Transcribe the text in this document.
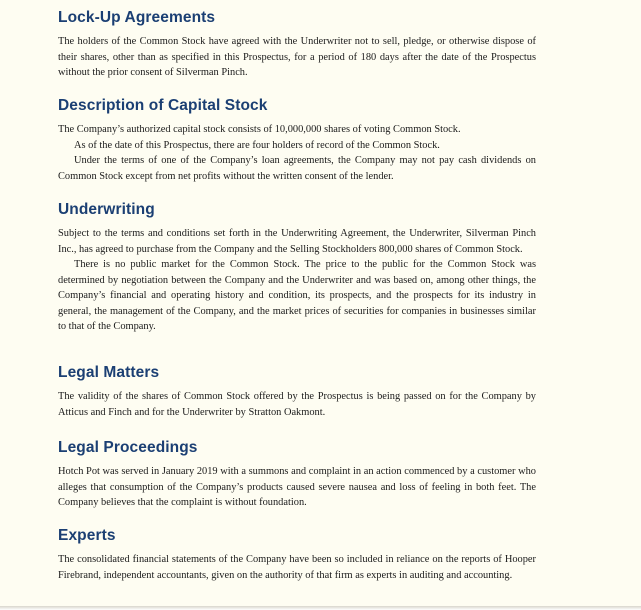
Lock-Up Agreements

The holders of the Common Stock have agreed with the Underwriter not to sell, pledge, or otherwise dispose of their shares, other than as specified in this Prospectus, for a period of 180 days after the date of the Prospectus without the prior consent of Silverman Pinch.

Description of Capital Stock

The Company’s authorized capital stock consists of 10,000,000 shares of voting Common Stock.

As of the date of this Prospectus, there are four holders of record of the Common Stock.

Under the terms of one of the Company’s loan agreements, the Company may not pay cash dividends on Common Stock except from net profits without the written consent of the lender.

Underwriting

Subject to the terms and conditions set forth in the Underwriting Agreement, the Underwriter, Silverman Pinch Inc., has agreed to purchase from the Company and the Selling Stockholders 800,000 shares of Common Stock.

There is no public market for the Common Stock. The price to the public for the Common Stock was determined by negotiation between the Company and the Underwriter and was based on, among other things, the Company’s financial and operating history and condition, its prospects, and the prospects for its industry in general, the management of the Company, and the market prices of securities for companies in businesses similar to that of the Company.

Legal Matters

The validity of the shares of Common Stock offered by the Prospectus is being passed on for the Company by Atticus and Finch and for the Underwriter by Stratton Oakmont.

Legal Proceedings

Hotch Pot was served in January 2019 with a summons and complaint in an action commenced by a customer who alleges that consumption of the Company’s products caused severe nausea and loss of feeling in both feet. The Company believes that the complaint is without foundation.

Experts

The consolidated financial statements of the Company have been so included in reliance on the reports of Hooper Firebrand, independent accountants, given on the authority of that firm as experts in auditing and accounting.
